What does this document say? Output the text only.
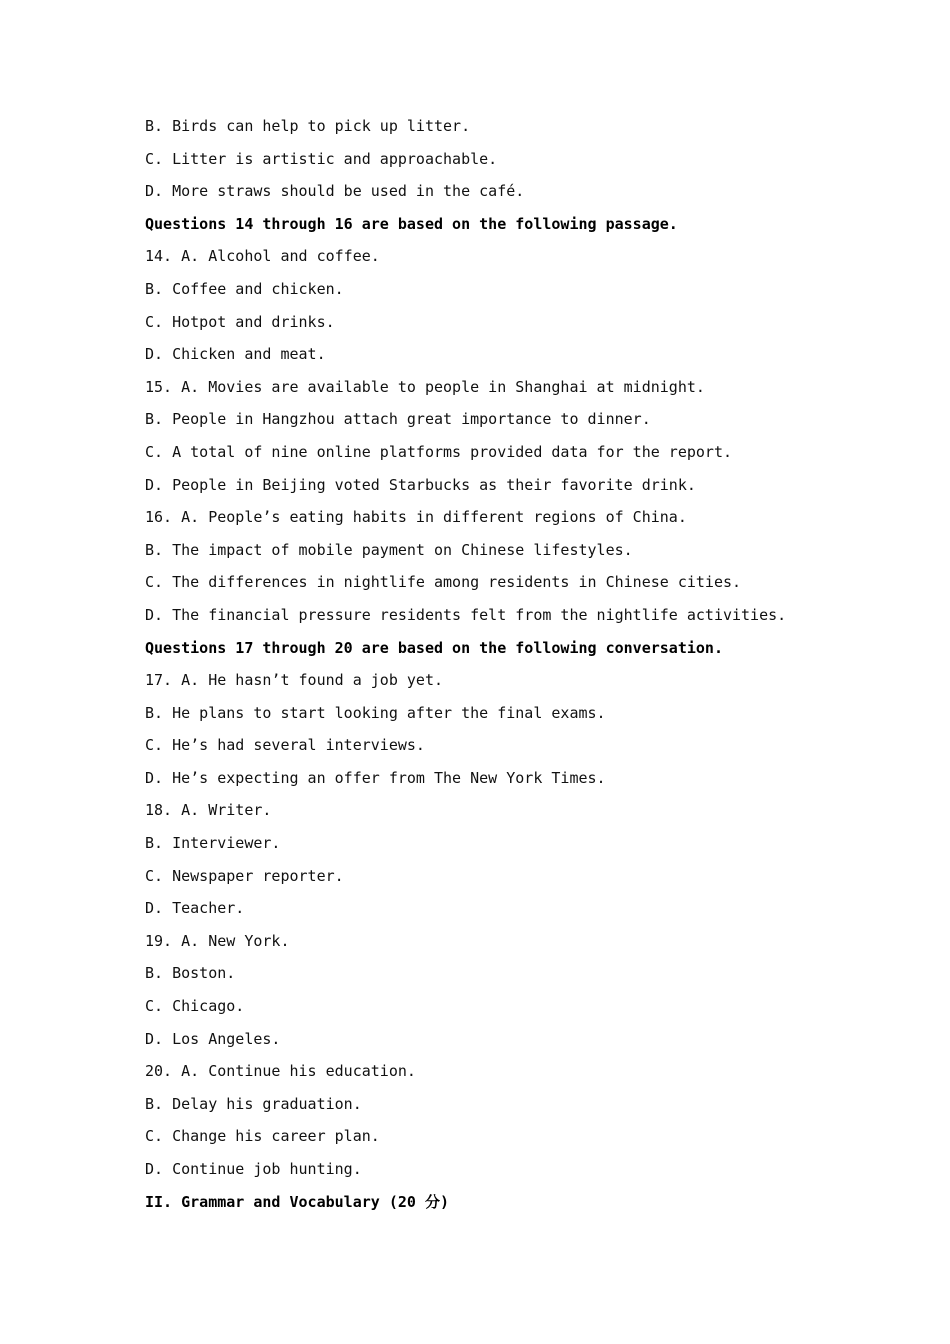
B. Birds can help to pick up litter.
C. Litter is artistic and approachable.
D. More straws should be used in the café.
Questions 14 through 16 are based on the following passage.
14. A. Alcohol and coffee.
B. Coffee and chicken.
C. Hotpot and drinks.
D. Chicken and meat.
15. A. Movies are available to people in Shanghai at midnight.
B. People in Hangzhou attach great importance to dinner.
C. A total of nine online platforms provided data for the report.
D. People in Beijing voted Starbucks as their favorite drink.
16. A. People’s eating habits in different regions of China.
B. The impact of mobile payment on Chinese lifestyles.
C. The differences in nightlife among residents in Chinese cities.
D. The financial pressure residents felt from the nightlife activities.
Questions 17 through 20 are based on the following conversation.
17. A. He hasn’t found a job yet.
B. He plans to start looking after the final exams.
C. He’s had several interviews.
D. He’s expecting an offer from The New York Times.
18. A. Writer.
B. Interviewer.
C. Newspaper reporter.
D. Teacher.
19. A. New York.
B. Boston.
C. Chicago.
D. Los Angeles.
20. A. Continue his education.
B. Delay his graduation.
C. Change his career plan.
D. Continue job hunting.
II. Grammar and Vocabulary (20 分)
